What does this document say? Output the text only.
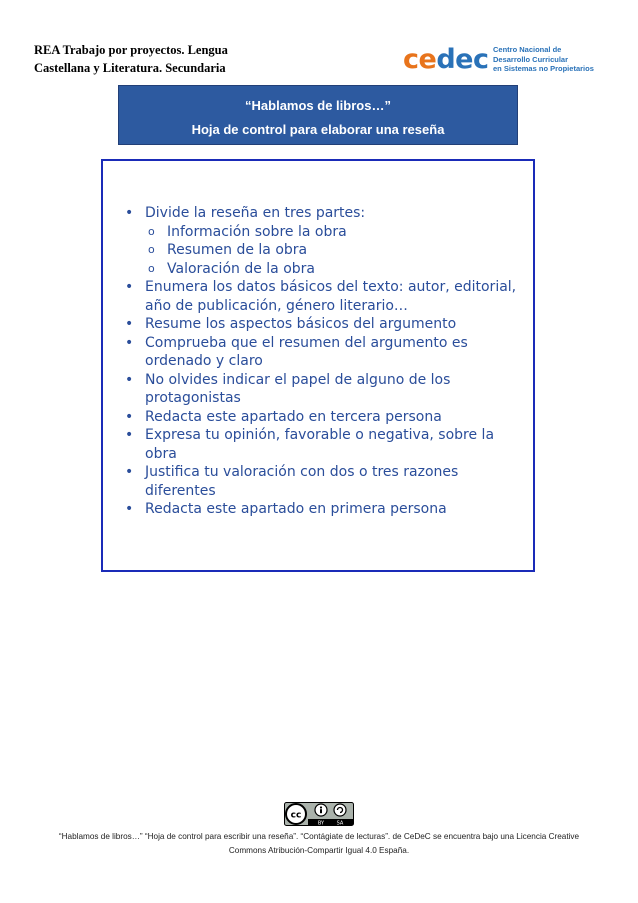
REA Trabajo por proyectos. Lengua
Castellana y Literatura. Secundaria	cedec Centro Nacional de
Desarrollo Curricular
en Sistemas no Propietarios
“Hablamos de libros…”
Hoja de control para elaborar una reseña
• Divide la reseña en tres partes:
o Información sobre la obra
o Resumen de la obra
o Valoración de la obra
• Enumera los datos básicos del texto: autor, editorial, año de publicación, género literario…
• Resume los aspectos básicos del argumento
• Comprueba que el resumen del argumento es ordenado y claro
• No olvides indicar el papel de alguno de los protagonistas
• Redacta este apartado en tercera persona
• Expresa tu opinión, favorable o negativa, sobre la obra
• Justifica tu valoración con dos o tres razones diferentes
• Redacta este apartado en primera persona
cc
BY	SA
“Hablamos de libros…” “Hoja de control para escribir una reseña”. “Contágiate de lecturas”. de CeDeC se encuentra bajo una Licencia Creative
Commons Atribución-Compartir Igual 4.0 España.
